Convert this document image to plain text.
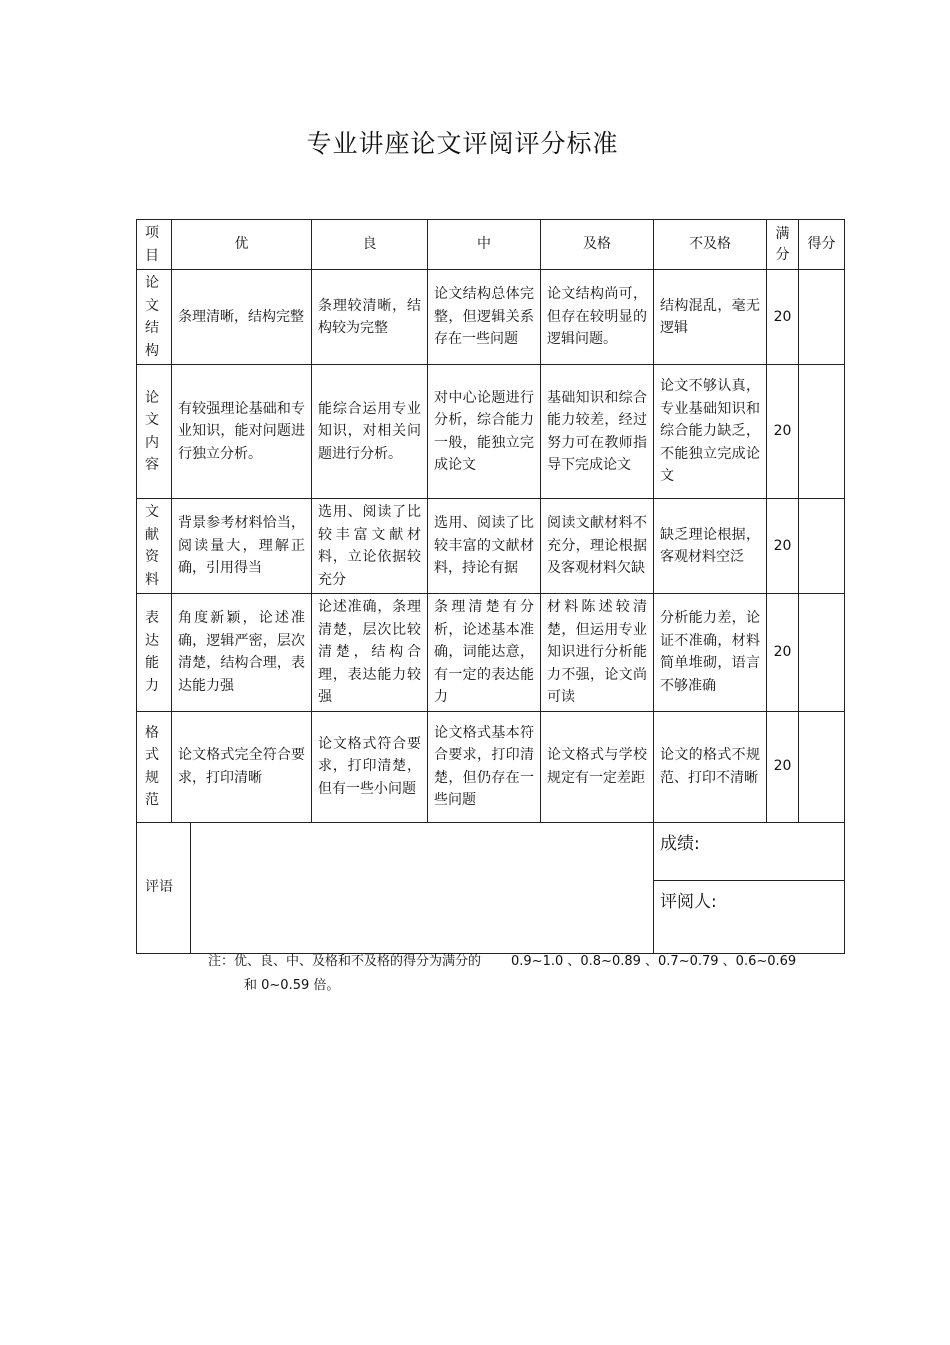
专业讲座论文评阅评分标准
项目	优		良	中	及格	不及格	满分	得分
论文结构	条理清晰，结构完整		条理较清晰，结构较为完整	论文结构总体完整，但逻辑关系存在一些问题	论文结构尚可，但存在较明显的逻辑问题。	结构混乱，毫无逻辑	20	
论文内容	有较强理论基础和专业知识，能对问题进行独立分析。		能综合运用专业知识，对相关问题进行分析。	对中心论题进行分析，综合能力一般，能独立完成论文	基础知识和综合能力较差，经过努力可在教师指导下完成论文	论文不够认真，专业基础知识和综合能力缺乏，不能独立完成论文	20	
文献资料	背景参考材料恰当，阅读量大，理解正确，引用得当		选用、阅读了比较丰富文献材料，立论依据较充分	选用、阅读了比较丰富的文献材料，持论有据	阅读文献材料不充分，理论根据及客观材料欠缺	缺乏理论根据，客观材料空泛	20	
表达能力	角度新颖，论述准确，逻辑严密，层次清楚，结构合理，表达能力强		论述准确，条理清楚，层次比较清楚，结构合理，表达能力较强	条理清楚有分析，论述基本准确，词能达意，有一定的表达能力	材料陈述较清楚，但运用专业知识进行分析能力不强，论文尚可读	分析能力差，论证不准确，材料简单堆砌，语言不够准确	20	
格式规范	论文格式完全符合要求，打印清晰		论文格式符合要求，打印清楚，但有一些小问题	论文格式基本符合要求，打印清楚，但仍存在一些问题	论文格式与学校规定有一定差距	论文的格式不规范、打印不清晰	20	
评语						成绩:		
						评阅人:		
注：优、良、中、及格和不及格的得分为满分的 0.9~1.0 、0.8~0.89 、0.7~0.79 、0.6~0.69
和 0~0.59 倍。
